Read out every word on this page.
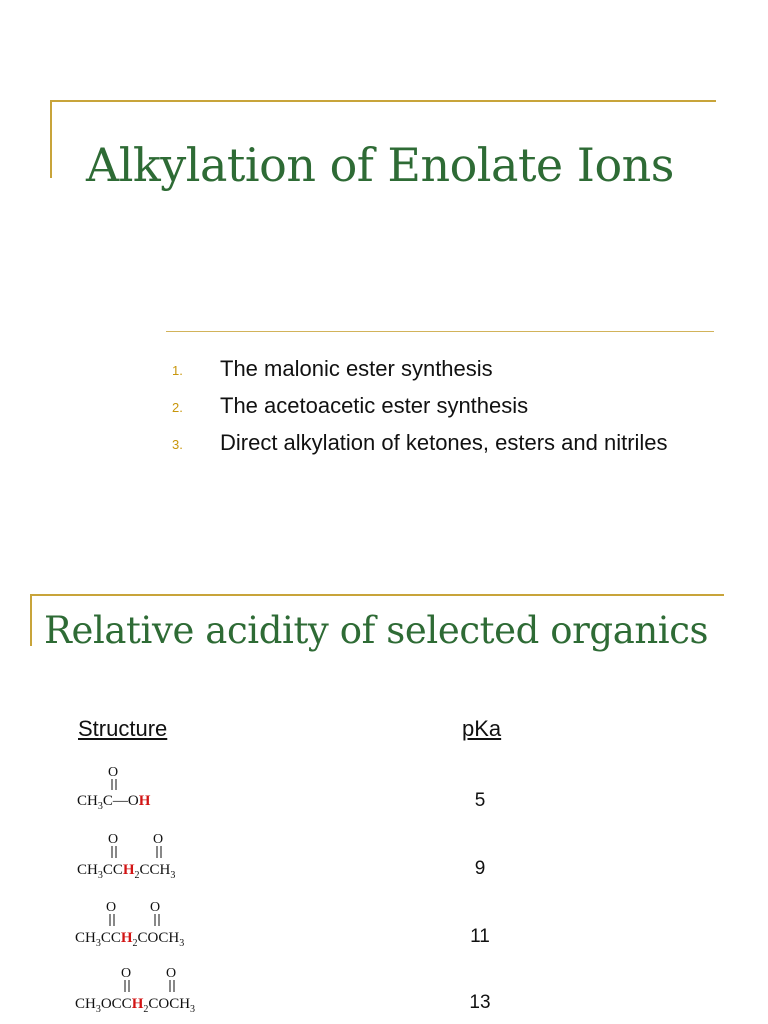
Alkylation of Enolate Ions
1. The malonic ester synthesis
2. The acetoacetic ester synthesis
3. Direct alkylation of ketones, esters and nitriles
Relative acidity of selected organics
Structure	pKa
O
$CH_3C—OH$	5
O O
$CH_3CCH_2CCH_3$	9
O O
$CH_3CCH_2COCH_3$	11
O O
$CH_3OCCH_2COCH_3$	13
